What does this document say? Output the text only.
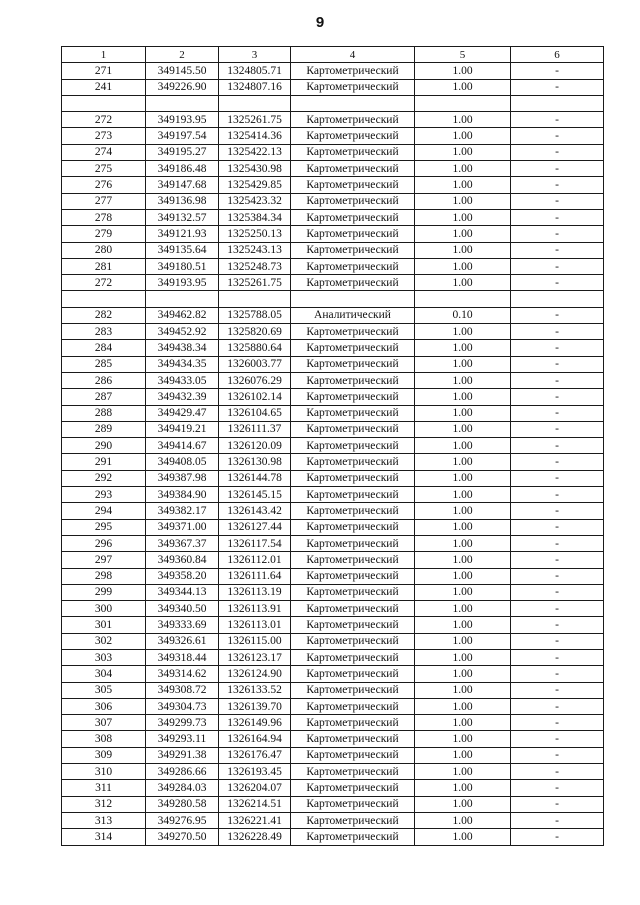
9
1	2	3	4	5	6
271	349145.50	1324805.71	Картометрический	1.00	-
241	349226.90	1324807.16	Картометрический	1.00	-

272	349193.95	1325261.75	Картометрический	1.00	-
273	349197.54	1325414.36	Картометрический	1.00	-
274	349195.27	1325422.13	Картометрический	1.00	-
275	349186.48	1325430.98	Картометрический	1.00	-
276	349147.68	1325429.85	Картометрический	1.00	-
277	349136.98	1325423.32	Картометрический	1.00	-
278	349132.57	1325384.34	Картометрический	1.00	-
279	349121.93	1325250.13	Картометрический	1.00	-
280	349135.64	1325243.13	Картометрический	1.00	-
281	349180.51	1325248.73	Картометрический	1.00	-
272	349193.95	1325261.75	Картометрический	1.00	-

282	349462.82	1325788.05	Аналитический	0.10	-
283	349452.92	1325820.69	Картометрический	1.00	-
284	349438.34	1325880.64	Картометрический	1.00	-
285	349434.35	1326003.77	Картометрический	1.00	-
286	349433.05	1326076.29	Картометрический	1.00	-
287	349432.39	1326102.14	Картометрический	1.00	-
288	349429.47	1326104.65	Картометрический	1.00	-
289	349419.21	1326111.37	Картометрический	1.00	-
290	349414.67	1326120.09	Картометрический	1.00	-
291	349408.05	1326130.98	Картометрический	1.00	-
292	349387.98	1326144.78	Картометрический	1.00	-
293	349384.90	1326145.15	Картометрический	1.00	-
294	349382.17	1326143.42	Картометрический	1.00	-
295	349371.00	1326127.44	Картометрический	1.00	-
296	349367.37	1326117.54	Картометрический	1.00	-
297	349360.84	1326112.01	Картометрический	1.00	-
298	349358.20	1326111.64	Картометрический	1.00	-
299	349344.13	1326113.19	Картометрический	1.00	-
300	349340.50	1326113.91	Картометрический	1.00	-
301	349333.69	1326113.01	Картометрический	1.00	-
302	349326.61	1326115.00	Картометрический	1.00	-
303	349318.44	1326123.17	Картометрический	1.00	-
304	349314.62	1326124.90	Картометрический	1.00	-
305	349308.72	1326133.52	Картометрический	1.00	-
306	349304.73	1326139.70	Картометрический	1.00	-
307	349299.73	1326149.96	Картометрический	1.00	-
308	349293.11	1326164.94	Картометрический	1.00	-
309	349291.38	1326176.47	Картометрический	1.00	-
310	349286.66	1326193.45	Картометрический	1.00	-
311	349284.03	1326204.07	Картометрический	1.00	-
312	349280.58	1326214.51	Картометрический	1.00	-
313	349276.95	1326221.41	Картометрический	1.00	-
314	349270.50	1326228.49	Картометрический	1.00	-
